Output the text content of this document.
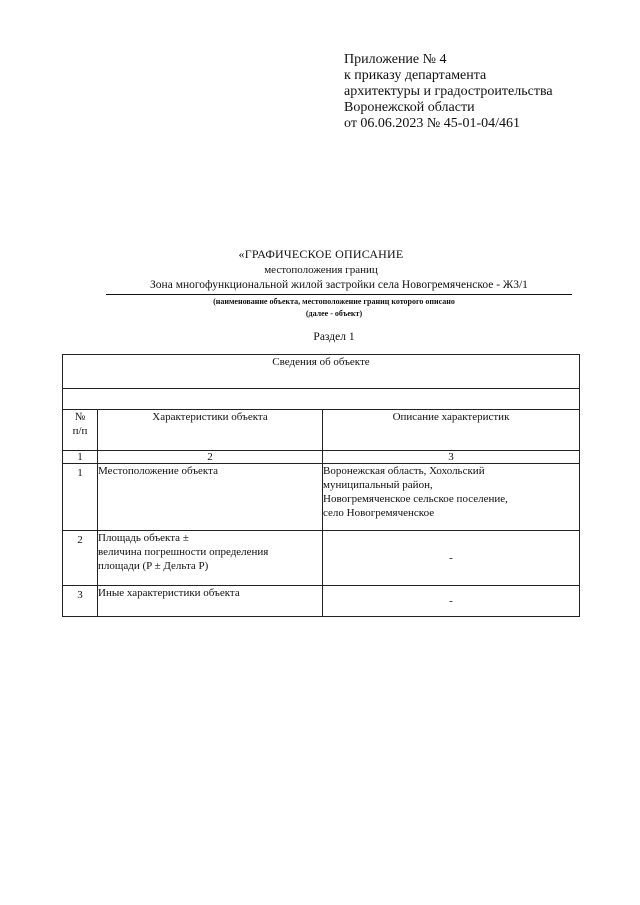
Приложение № 4
к приказу департамента
архитектуры и градостроительства
Воронежской области
от 06.06.2023 № 45-01-04/461
«ГРАФИЧЕСКОЕ ОПИСАНИЕ
местоположения границ
Зона многофункциональной жилой застройки села Новогремяченское - Ж3/1
(наименование объекта, местоположение границ которого описано
(далее - объект)
Раздел 1
Сведения об объекте		

№
п/п	Характеристики объекта	Описание характеристик
1	2	3
1	Местоположение объекта	Воронежская область, Хохольский
муниципальный район,
Новогремяченское сельское поселение,
село Новогремяченское

2	Площадь объекта ±
величина погрешности определения
площади (P ± Дельта P)	-
3	Иные характеристики объекта	-
